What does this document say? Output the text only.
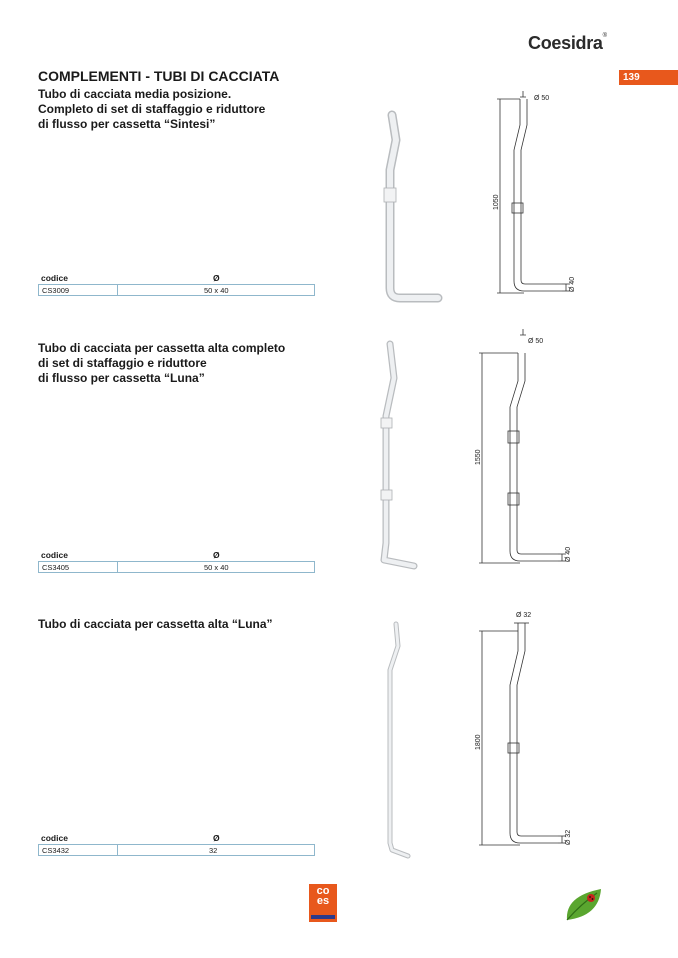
Coesidra®
139
COMPLEMENTI - TUBI DI CACCIATA
Tubo di cacciata media posizione.
Completo di set di staffaggio e riduttore
di flusso per cassetta “Sintesi”
codice	Ø
CS3009	50 x 40
Tubo di cacciata per cassetta alta completo
di set di staffaggio e riduttore
di flusso per cassetta “Luna”
codice	Ø
CS3405	50 x 40
Tubo di cacciata per cassetta alta “Luna”
codice	Ø
CS3432	32
Ø 50
1050
Ø 40
Ø 50
1550
Ø 40
Ø 32
1800
Ø 32
co
es
